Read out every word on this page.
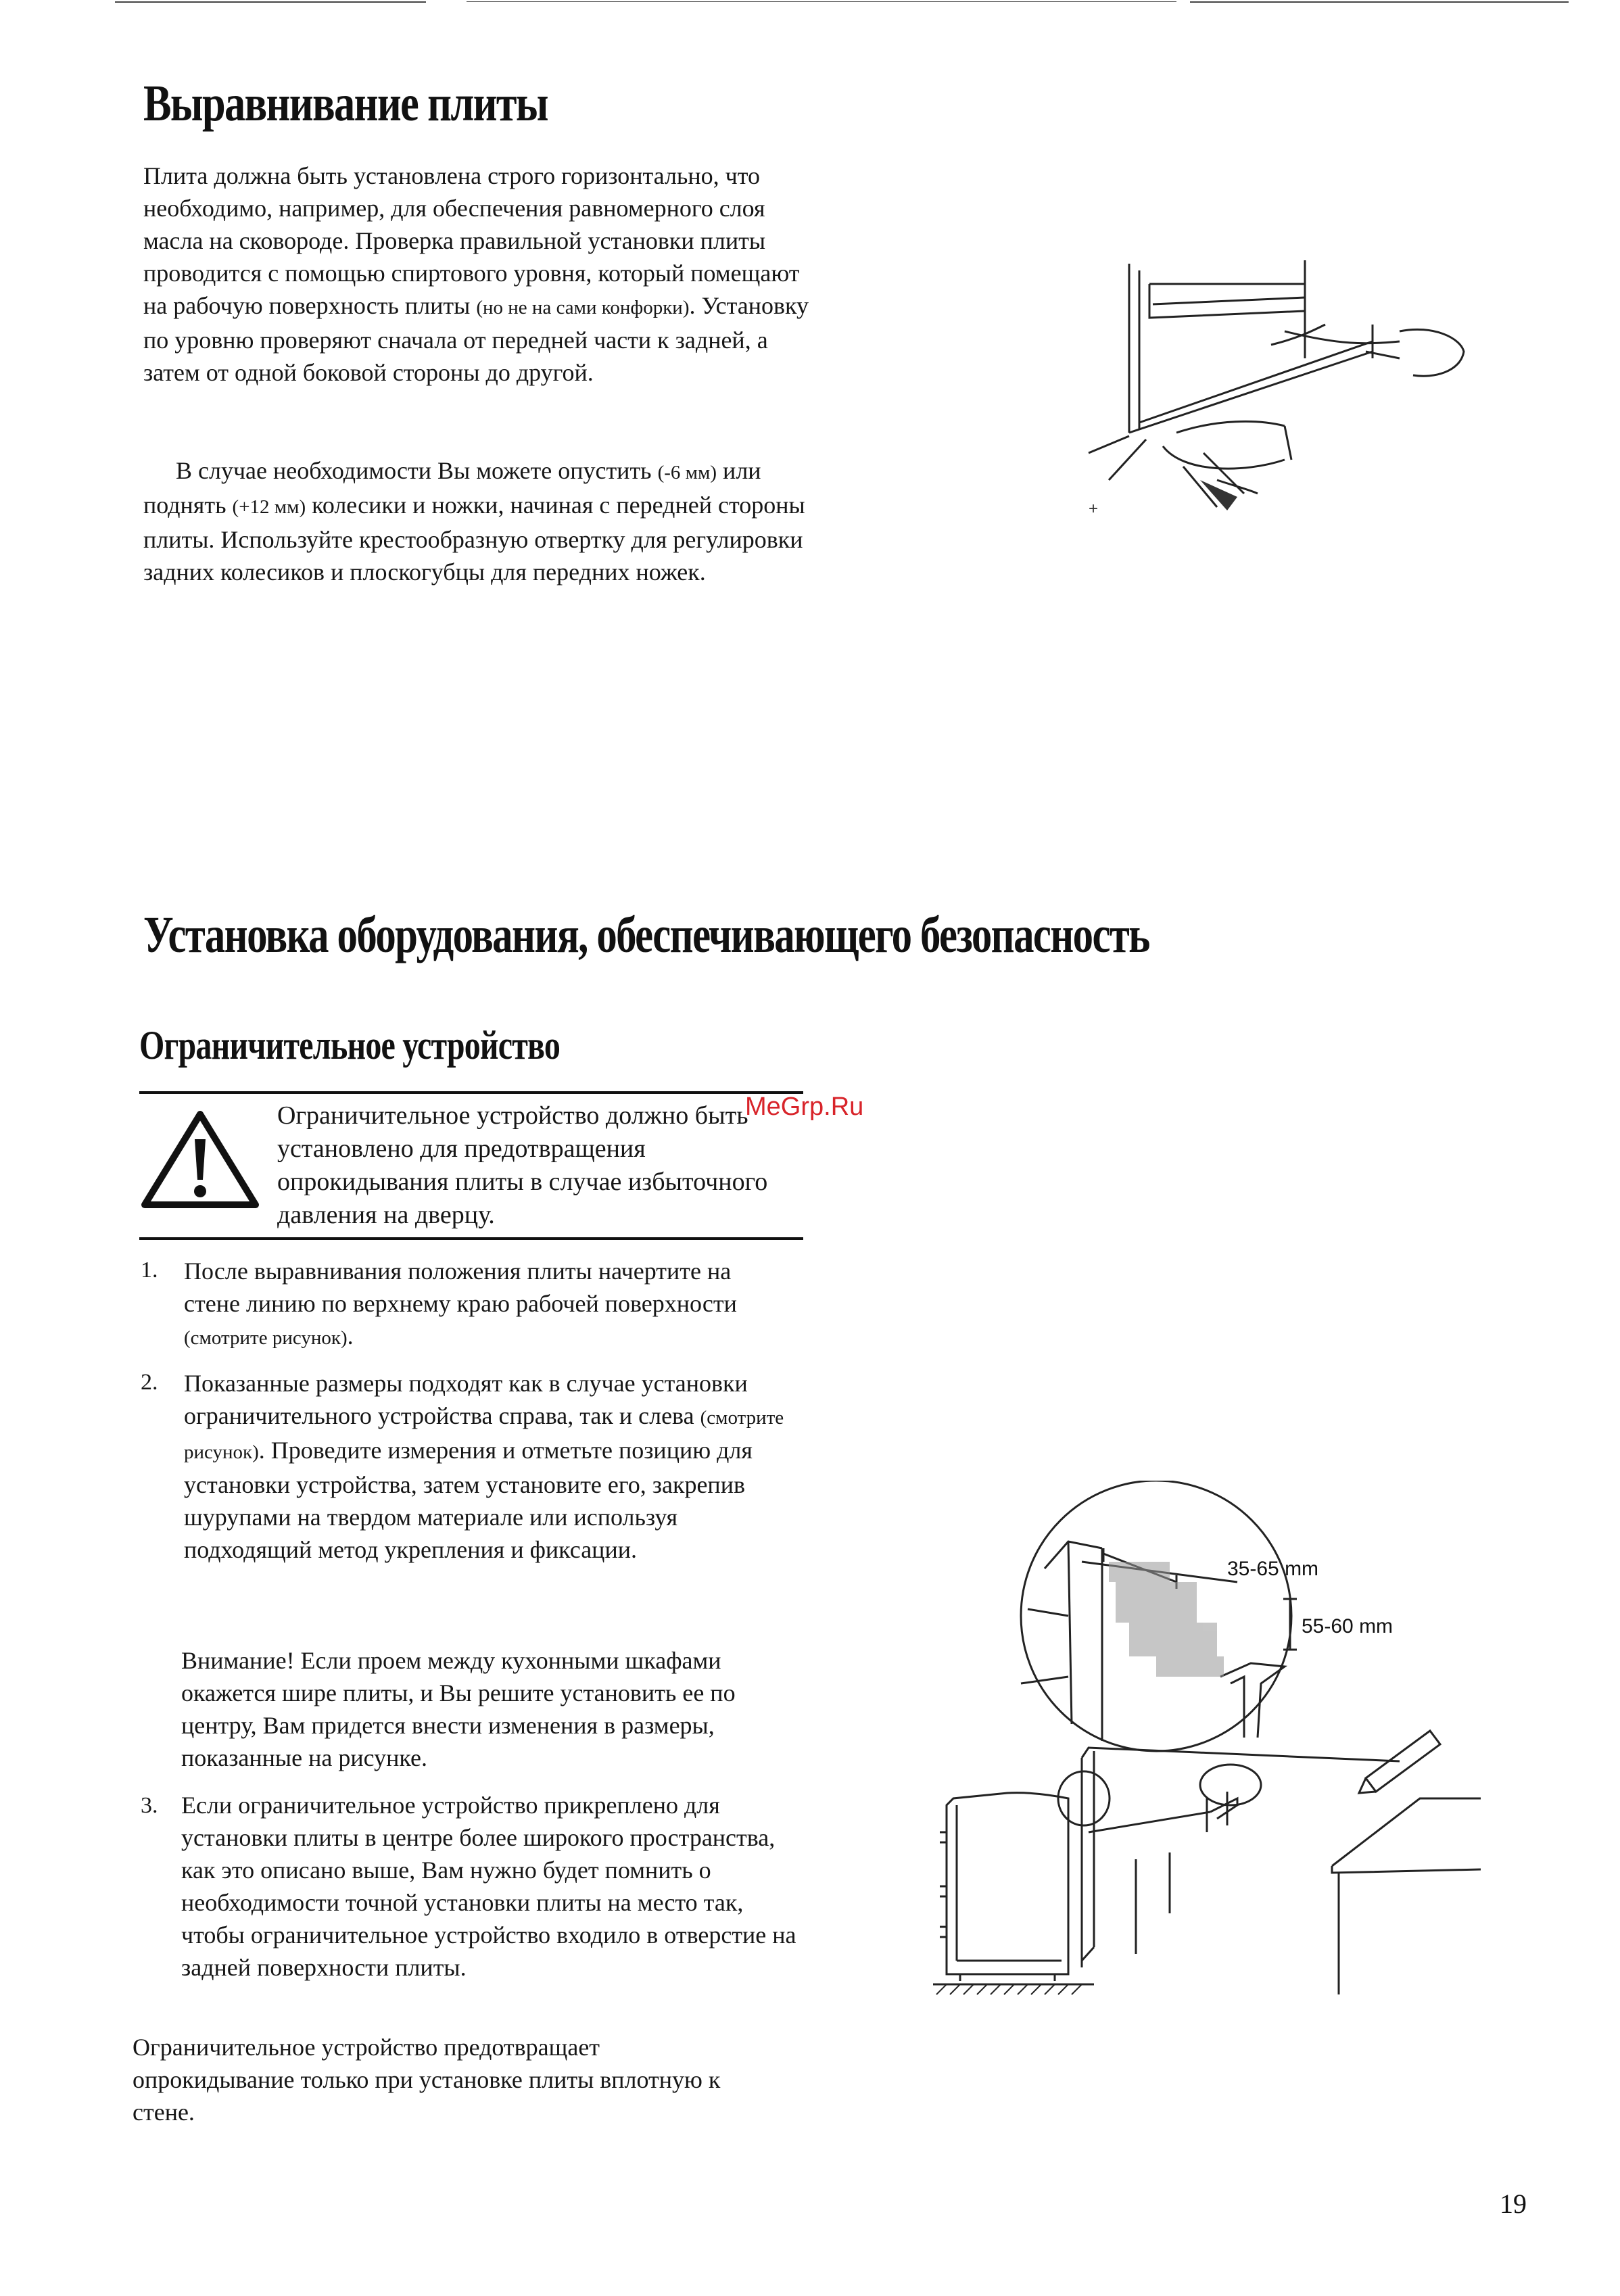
Выравнивание плиты

Плита должна быть установлена строго горизонтально, что необходимо, например, для обеспечения равномерного слоя масла на сковороде. Проверка правильной установки плиты проводится с помощью спиртового уровня, который помещают на рабочую поверхность плиты (но не на сами конфорки). Установку по уровню проверяют сначала от передней части к задней, а затем от одной боковой стороны до другой.

В случае необходимости Вы можете опустить (-6 мм) или поднять (+12 мм) колесики и ножки, начиная с передней стороны плиты. Используйте крестообразную отвертку для регулировки задних колесиков и плоскогубцы для передних ножек.

+
Установка оборудования, обеспечивающего безопасность
Ограничительное устройство

Ограничительное устройство должно быть установлено для предотвращения опрокидывания плиты в случае избыточного давления на дверцу.

MeGrp.Ru
1. После выравнивания положения плиты начертите на стене линию по верхнему краю рабочей поверхности (смотрите рисунок).

2. Показанные размеры подходят как в случае установки ограничительного устройства справа, так и слева (смотрите рисунок). Проведите измерения и отметьте позицию для установки устройства, затем установите его, закрепив шурупами на твердом материале или используя подходящий метод укрепления и фиксации.

Внимание! Если проем между кухонными шкафами окажется шире плиты, и Вы решите установить ее по центру, Вам придется внести изменения в размеры, показанные на рисунке.

3. Если ограничительное устройство прикреплено для установки плиты в центре более широкого пространства, как это описано выше, Вам нужно будет помнить о необходимости точной установки плиты на место так, чтобы ограничительное устройство входило в отверстие на задней поверхности плиты.

Ограничительное устройство предотвращает опрокидывание только при установке плиты вплотную к стене.

35-65 mm
55-60 mm
19
